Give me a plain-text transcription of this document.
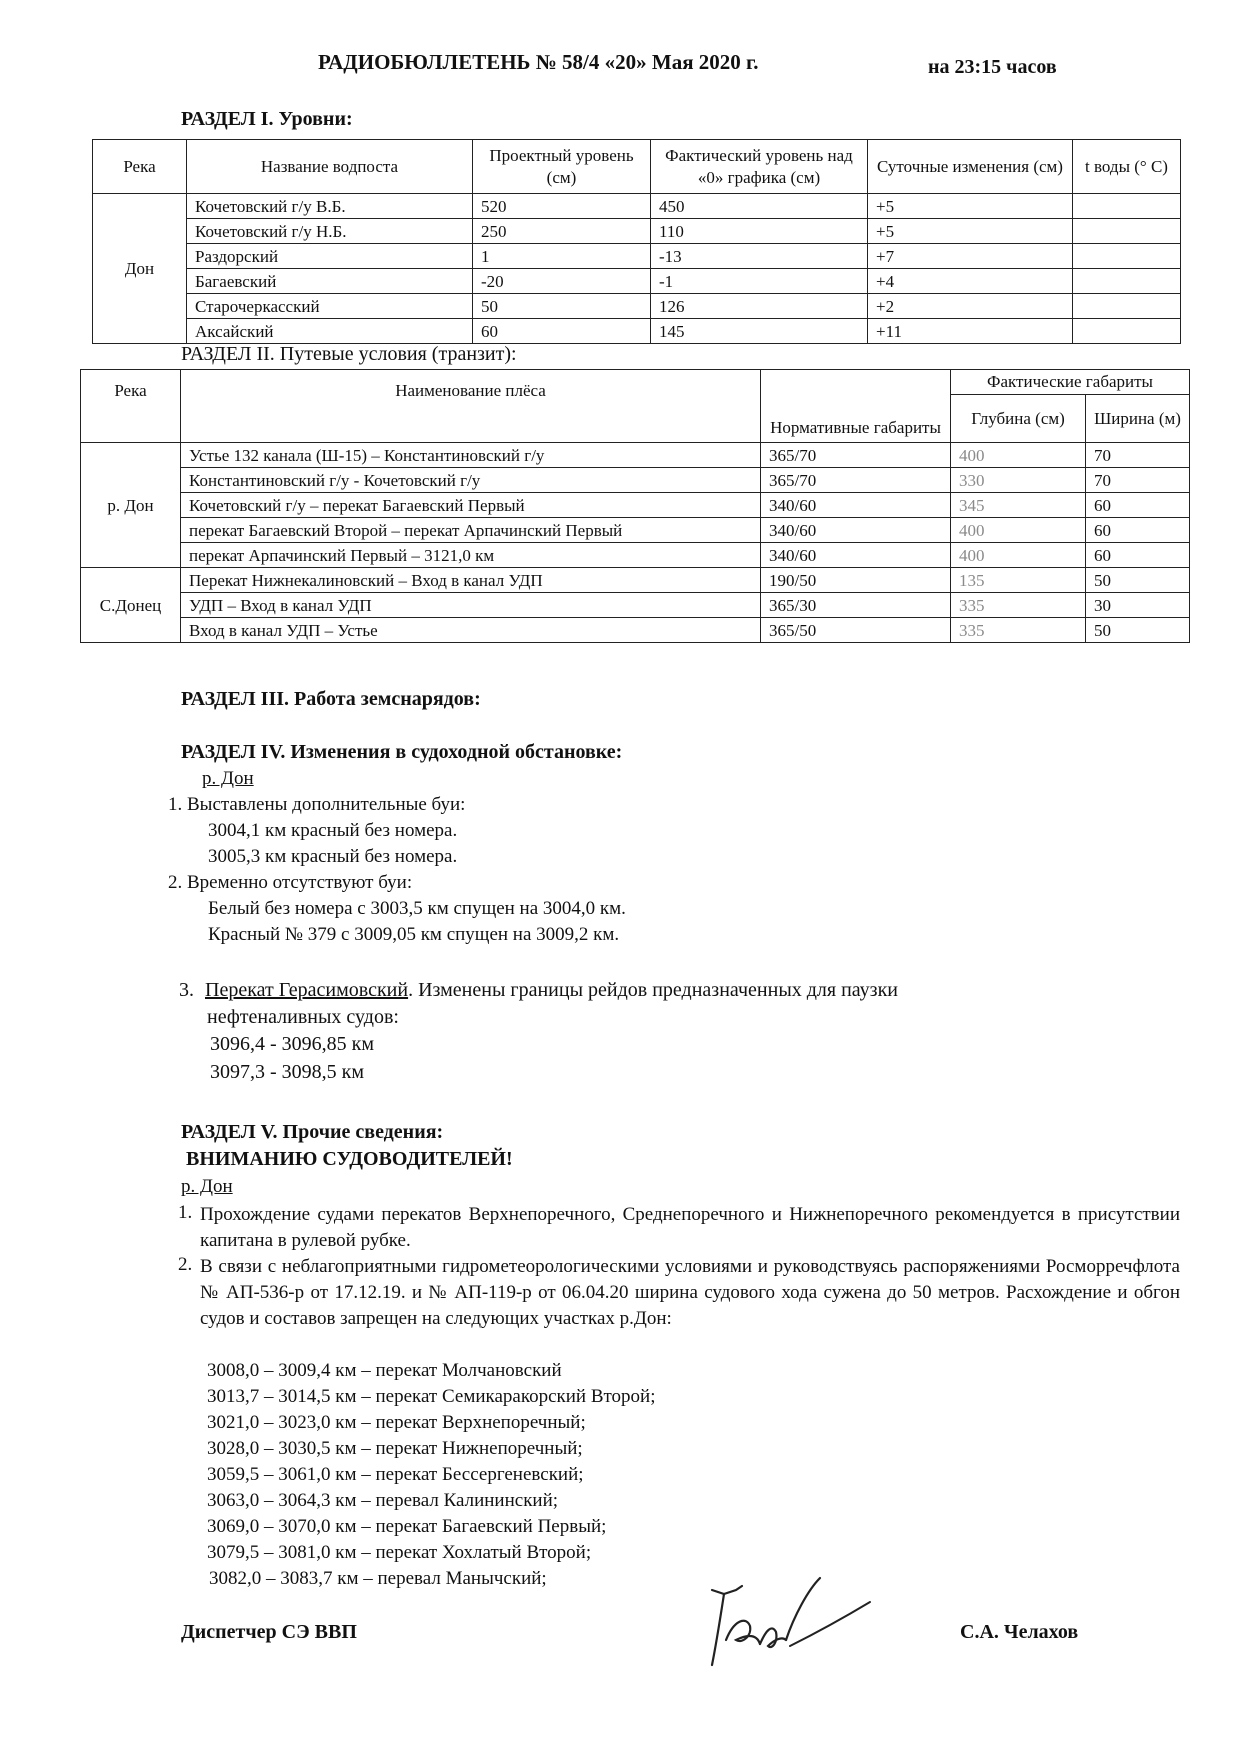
РАДИОБЮЛЛЕТЕНЬ № 58/4 «20» Мая 2020 г.	на 23:15 часов
РАЗДЕЛ I. Уровни:
Река	Название водпоста	Проектный уровень (см)	Фактический уровень над «0» графика (см)	Суточные изменения (см)	t воды (° С)
Дон	Кочетовский г/у В.Б.	520	450	+5	
	Кочетовский г/у Н.Б.	250	110	+5	
	Раздорский	1	-13	+7	
	Багаевский	-20	-1	+4	
	Старочеркасский	50	126	+2	
	Аксайский	60	145	+11	
РАЗДЕЛ II. Путевые условия (транзит):
Река	Наименование плёса	Нормативные габариты	Фактические габариты	
			Глубина (см)	Ширина (м)
р. Дон	Устье 132 канала (Ш-15) – Константиновский г/у	365/70	400	70
	Константиновский г/у - Кочетовский г/у	365/70	330	70
	Кочетовский г/у – перекат Багаевский Первый	340/60	345	60
	перекат Багаевский Второй – перекат Арпачинский Первый	340/60	400	60
	перекат Арпачинский Первый – 3121,0 км	340/60	400	60
С.Донец	Перекат Нижнекалиновский – Вход в канал УДП	190/50	135	50
	УДП – Вход в канал УДП	365/30	335	30
	Вход в канал УДП – Устье	365/50	335	50
РАЗДЕЛ III. Работа земснарядов:
РАЗДЕЛ IV. Изменения в судоходной обстановке:
р. Дон
1. Выставлены дополнительные буи:
3004,1 км красный без номера.
3005,3 км красный без номера.
2. Временно отсутствуют буи:
Белый без номера с 3003,5 км спущен на 3004,0 км.
Красный № 379 с 3009,05 км спущен на 3009,2 км.
3. Перекат Герасимовский. Изменены границы рейдов предназначенных для паузки
нефтеналивных судов:
3096,4 - 3096,85 км
3097,3 - 3098,5 км
РАЗДЕЛ V. Прочие сведения:
ВНИМАНИЮ СУДОВОДИТЕЛЕЙ!
р. Дон
1. Прохождение судами перекатов Верхнепоречного, Среднепоречного и Нижнепоречного рекомендуется в присутствии капитана в рулевой рубке.
2. В связи с неблагоприятными гидрометеорологическими условиями и руководствуясь распоряжениями Росморречфлота № АП-536-р от 17.12.19. и № АП-119-р от 06.04.20 ширина судового хода сужена до 50 метров. Расхождение и обгон судов и составов запрещен на следующих участках р.Дон:
3008,0 – 3009,4 км – перекат Молчановский
3013,7 – 3014,5 км – перекат Семикаракорский Второй;
3021,0 – 3023,0 км – перекат Верхнепоречный;
3028,0 – 3030,5 км – перекат Нижнепоречный;
3059,5 – 3061,0 км – перекат Бессергеневский;
3063,0 – 3064,3 км – перевал Калининский;
3069,0 – 3070,0 км – перекат Багаевский Первый;
3079,5 – 3081,0 км – перекат Хохлатый Второй;
3082,0 – 3083,7 км – перевал Манычский;
Диспетчер СЭ ВВП	С.А. Челахов
